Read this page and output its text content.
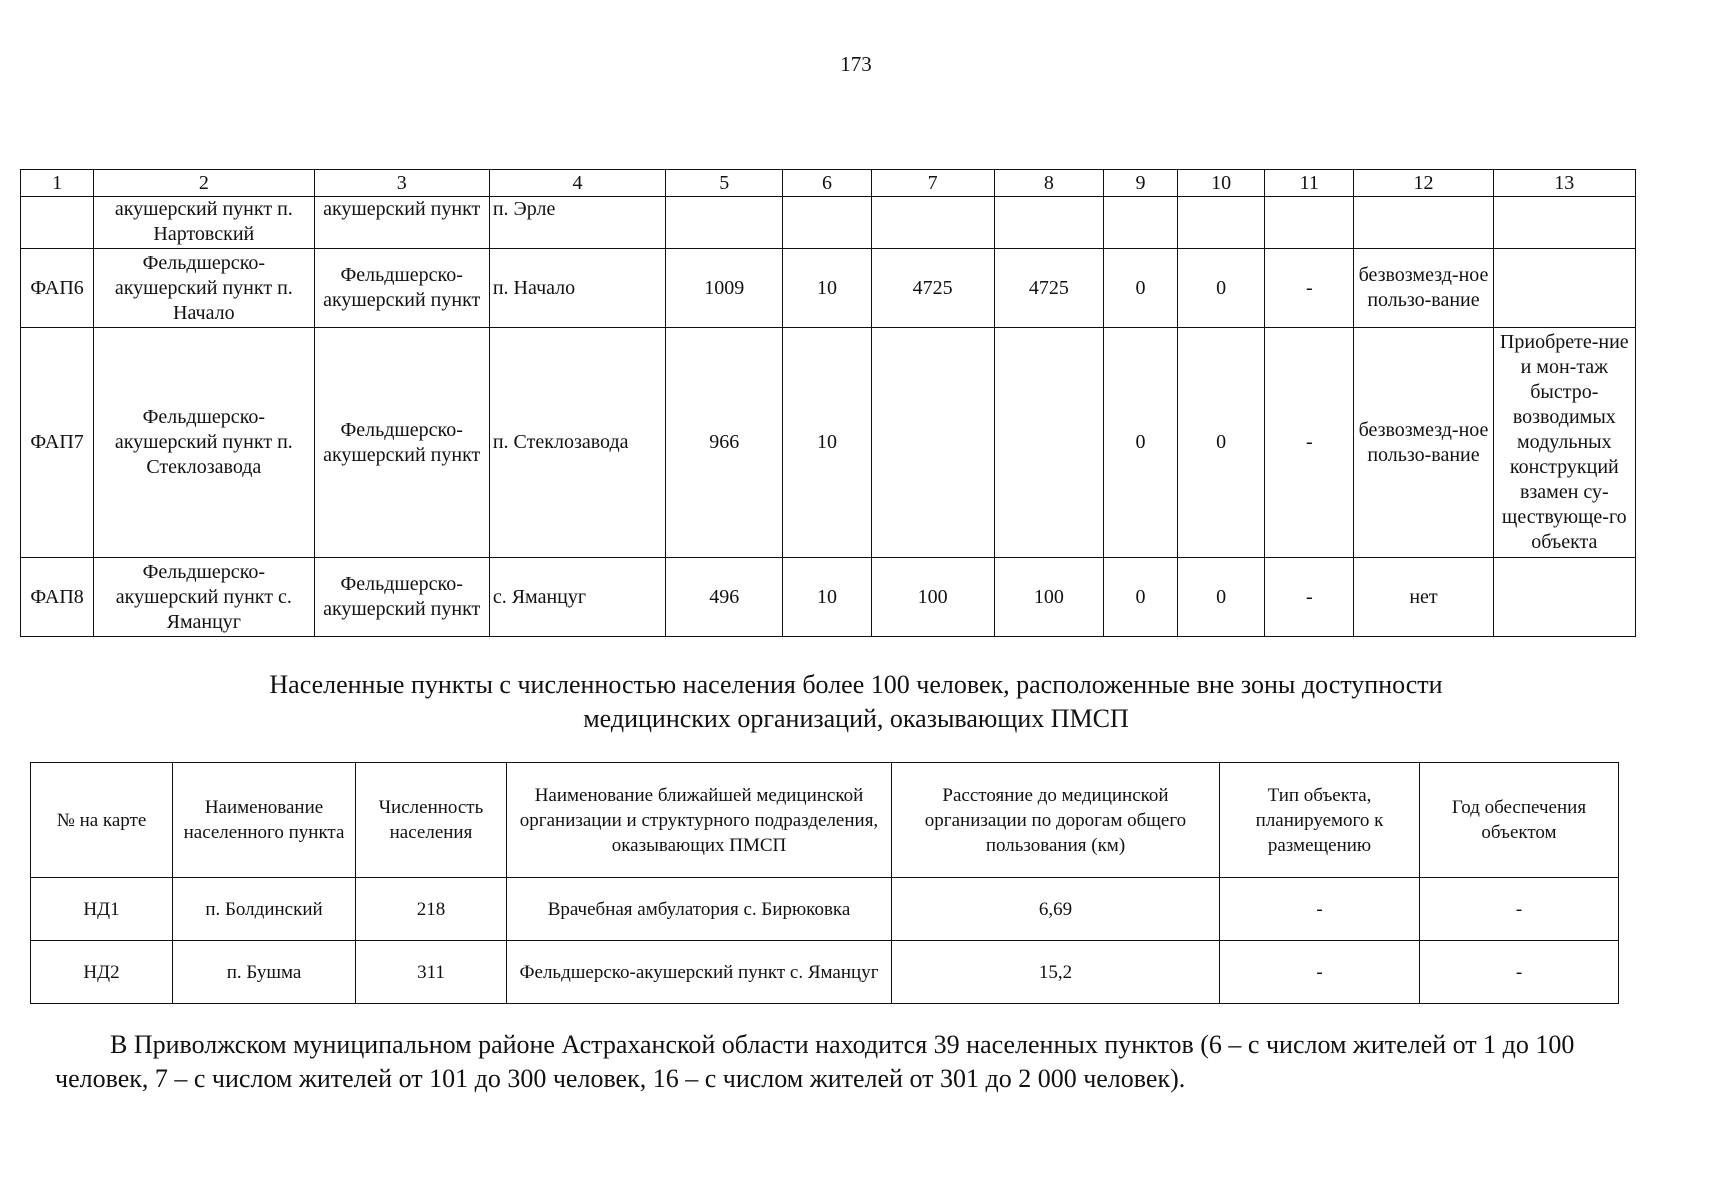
173
1	2	3	4	5	6	7	8	9	10	11	12	13
	акушерский пункт п. Нартовский	акушерский пункт	п. Эрле									
ФАП6	Фельдшерско-акушерский пункт п. Начало	Фельдшерско-акушерский пункт	п. Начало	1009	10	4725	4725	0	0	-	безвозмезд-ное пользо-вание	
ФАП7	Фельдшерско-акушерский пункт п. Стеклозавода	Фельдшерско-акушерский пункт	п. Стеклозавода	966	10			0	0	-	безвозмезд-ное пользо-вание	Приобрете-ние и мон-таж быстро-возводимых модульных конструкций взамен су-ществующе-го объекта
ФАП8	Фельдшерско-акушерский пункт с. Яманцуг	Фельдшерско-акушерский пункт	с. Яманцуг	496	10	100	100	0	0	-	нет	
Населенные пункты с численностью населения более 100 человек, расположенные вне зоны доступности
медицинских организаций, оказывающих ПМСП
№ на карте	Наименование населенного пункта	Численность населения	Наименование ближайшей медицинской организации и структурного подразделения, оказывающих ПМСП	Расстояние до медицинской организации по дорогам общего пользования (км)	Тип объекта, планируемого к размещению	Год обеспечения объектом
НД1	п. Болдинский	218	Врачебная амбулатория с. Бирюковка	6,69	-	-
НД2	п. Бушма	311	Фельдшерско-акушерский пункт с. Яманцуг	15,2	-	-
В Приволжском муниципальном районе Астраханской области находится 39 населенных пунктов (6 – с числом жителей от 1 до 100 человек, 7 – с числом жителей от 101 до 300 человек, 16 – с числом жителей от 301 до 2 000 человек).
